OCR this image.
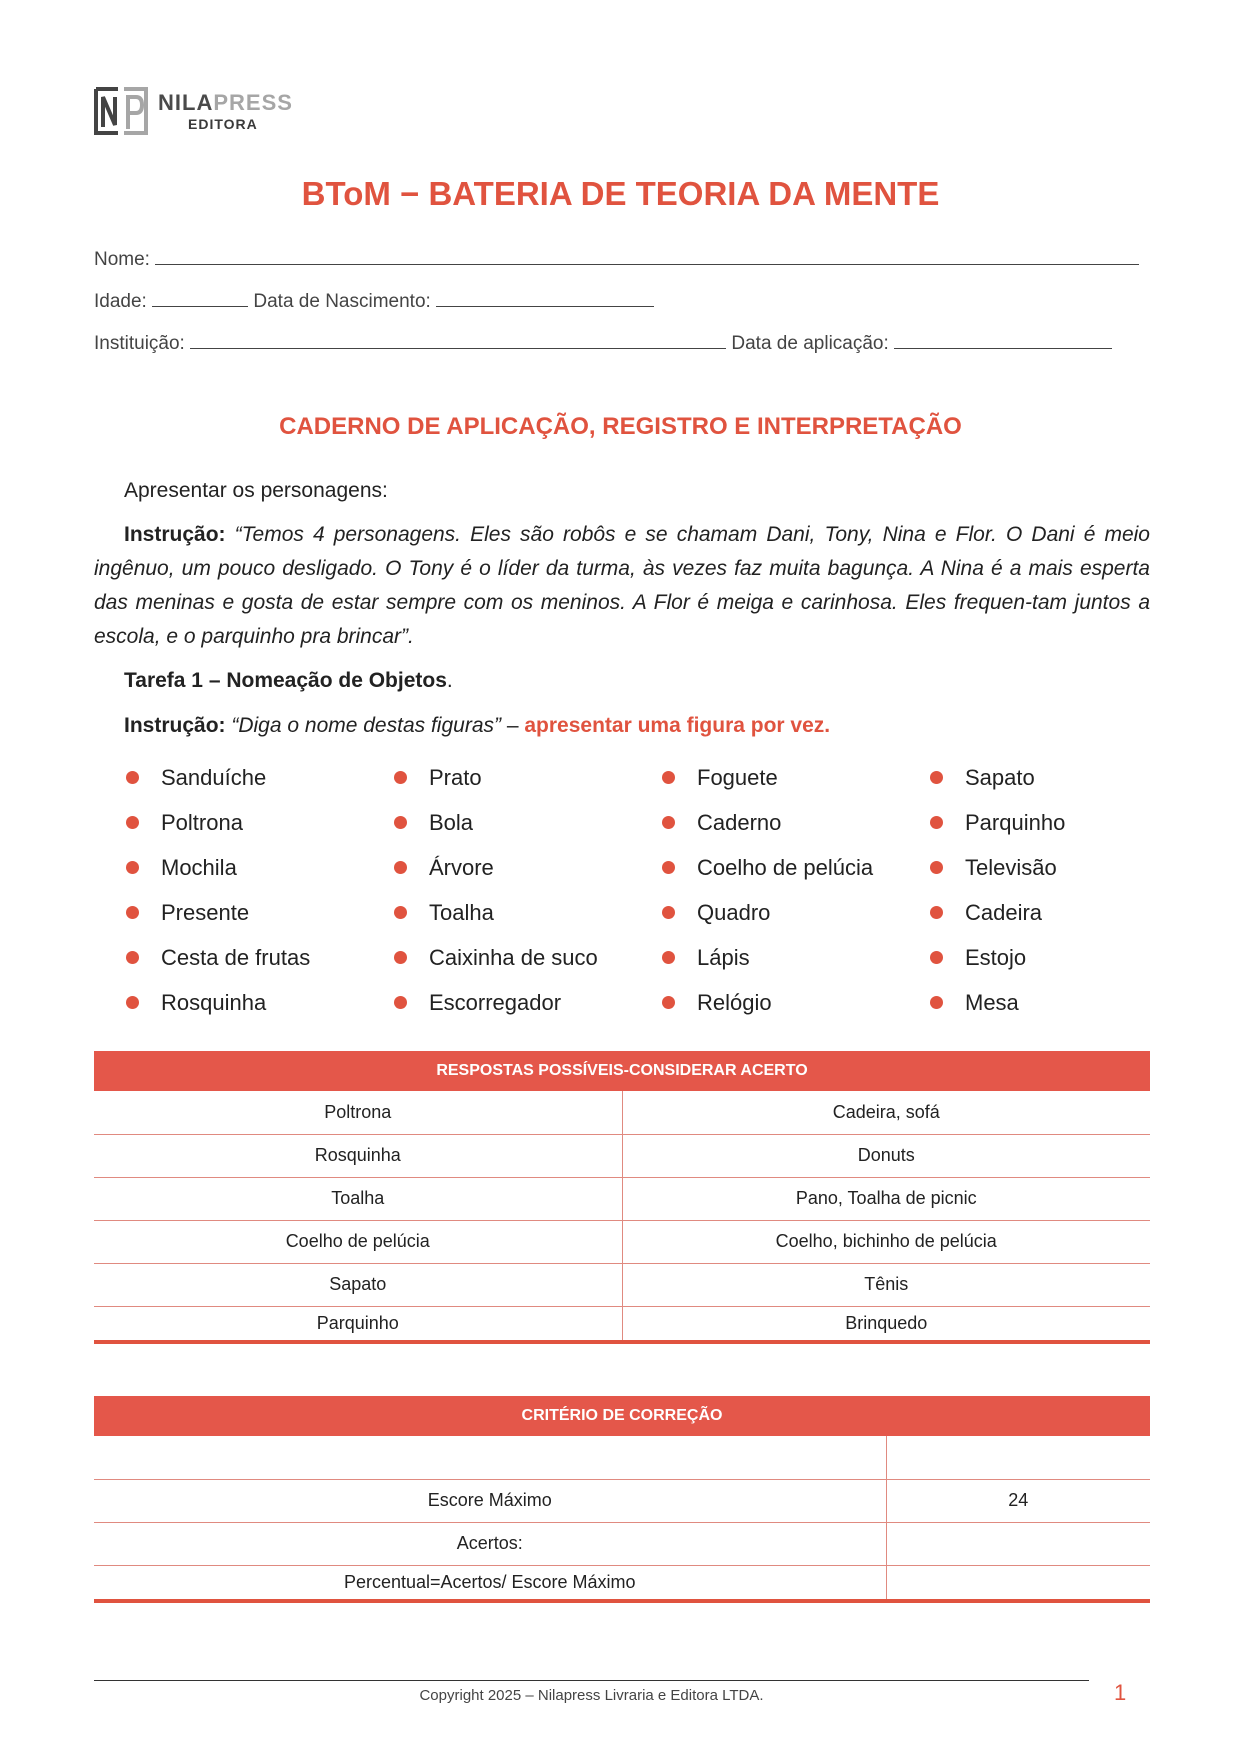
NILAPRESS
EDITORA
BToM − BATERIA DE TEORIA DA MENTE
Nome:
Idade:	Data de Nascimento:
Instituição:	Data de aplicação:
CADERNO DE APLICAÇÃO, REGISTRO E INTERPRETAÇÃO
Apresentar os personagens:
Instrução: “Temos 4 personagens. Eles são robôs e se chamam Dani, Tony, Nina e Flor. O Dani é meio ingênuo, um pouco desligado. O Tony é o líder da turma, às vezes faz muita bagunça. A Nina é a mais esperta das meninas e gosta de estar sempre com os meninos. A Flor é meiga e carinhosa. Eles frequen-tam juntos a escola, e o parquinho pra brincar”.
Tarefa 1 – Nomeação de Objetos.
Instrução: “Diga o nome destas figuras” – apresentar uma figura por vez.
Sanduíche	Prato	Foguete	Sapato
Poltrona	Bola	Caderno	Parquinho
Mochila	Árvore	Coelho de pelúcia	Televisão
Presente	Toalha	Quadro	Cadeira
Cesta de frutas	Caixinha de suco	Lápis	Estojo
Rosquinha	Escorregador	Relógio	Mesa
RESPOSTAS POSSÍVEIS-CONSIDERAR ACERTO	
Poltrona	Cadeira, sofá
Rosquinha	Donuts
Toalha	Pano, Toalha de picnic
Coelho de pelúcia	Coelho, bichinho de pelúcia
Sapato	Tênis
Parquinho	Brinquedo
CRITÉRIO DE CORREÇÃO	

Escore Máximo	24
Acertos:	
Percentual=Acertos/ Escore Máximo	
Copyright 2025 – Nilapress Livraria e Editora LTDA.	1
